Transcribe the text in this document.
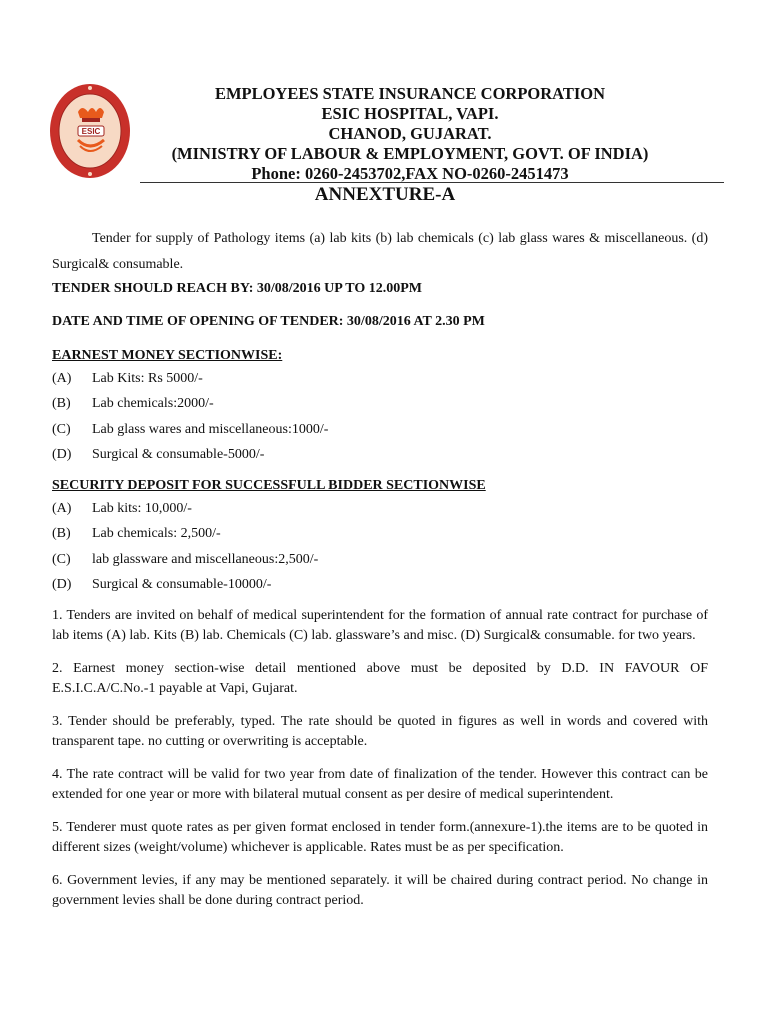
ESIC
EMPLOYEES STATE INSURANCE CORPORATION
ESIC HOSPITAL, VAPI.
CHANOD, GUJARAT.
(MINISTRY OF LABOUR & EMPLOYMENT, GOVT. OF INDIA)
Phone: 0260-2453702,FAX NO-0260-2451473
ANNEXTURE-A

Tender for supply of Pathology items (a) lab kits (b) lab chemicals (c) lab glass wares & miscellaneous. (d) Surgical& consumable.

TENDER SHOULD REACH BY: 30/08/2016 UP TO 12.00PM

DATE AND TIME OF OPENING OF TENDER: 30/08/2016 AT 2.30 PM

EARNEST MONEY SECTIONWISE:

(A)	Lab Kits: Rs 5000/-
(B)	Lab chemicals:2000/-
(C)	Lab glass wares and miscellaneous:1000/-
(D)	Surgical & consumable-5000/-

SECURITY DEPOSIT FOR SUCCESSFULL BIDDER SECTIONWISE

(A)	Lab kits: 10,000/-
(B)	Lab chemicals: 2,500/-
(C)	lab glassware and miscellaneous:2,500/-
(D)	Surgical & consumable-10000/-

1. Tenders are invited on behalf of medical superintendent for the formation of annual rate contract for purchase of lab items (A) lab. Kits (B) lab. Chemicals (C) lab. glassware’s and misc. (D) Surgical& consumable. for two years.

2. Earnest money section-wise detail mentioned above must be deposited by D.D. IN FAVOUR OF E.S.I.C.A/C.No.-1 payable at Vapi, Gujarat.

3. Tender should be preferably, typed. The rate should be quoted in figures as well in words and covered with transparent tape. no cutting or overwriting is acceptable.

4. The rate contract will be valid for two year from date of finalization of the tender. However this contract can be extended for one year or more with bilateral mutual consent as per desire of medical superintendent.

5. Tenderer must quote rates as per given format enclosed in tender form.(annexure-1).the items are to be quoted in different sizes (weight/volume) whichever is applicable. Rates must be as per specification.

6. Government levies, if any may be mentioned separately. it will be chaired during contract period. No change in government levies shall be done during contract period.
